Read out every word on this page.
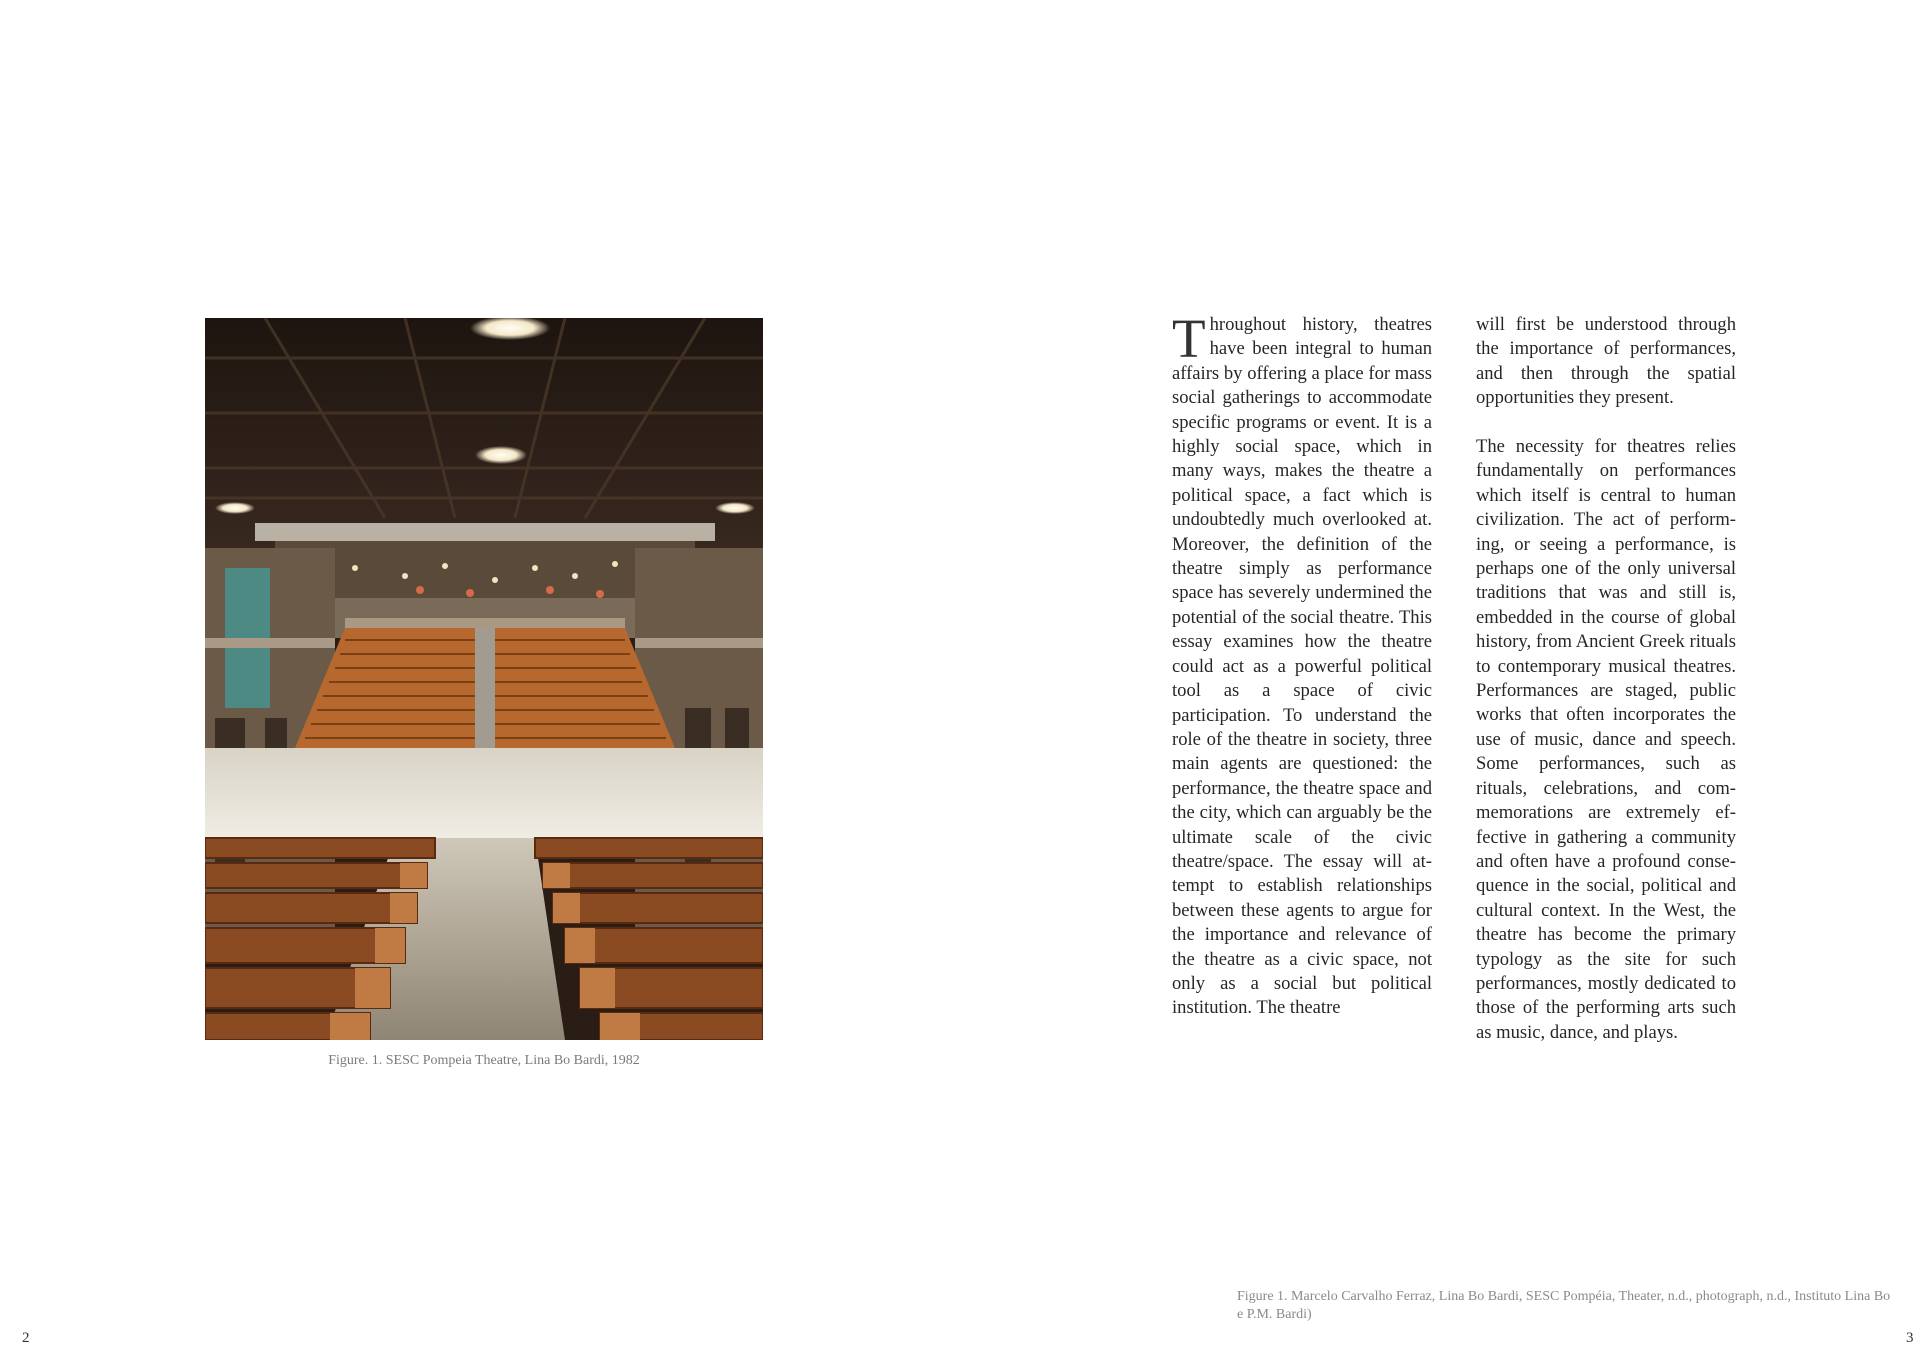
Figure. 1. SESC Pompeia Theatre, Lina Bo Bardi, 1982

Throughout history, theatres have been integral to human affairs by offering a place for mass social gatherings to accommodate specific programs or event. It is a highly social space, which in many ways, makes the theatre a political space, a fact which is undoubtedly much overlooked at. Moreover, the definition of the theatre simply as performance space has severely undermined the potential of the social theatre. This essay examines how the theatre could act as a powerful political tool as a space of civic participation. To understand the role of the theatre in society, three main agents are questioned: the performance, the theatre space and the city, which can arguably be the ultimate scale of the civic theatre/space. The essay will attempt to establish relationships between these agents to argue for the importance and relevance of the theatre as a civic space, not only as a social but political institution. The theatre

will first be understood through the importance of performances, and then through the spatial opportunities they present.

The necessity for theatres relies fundamentally on performances which itself is central to human civilization. The act of performing, or seeing a performance, is perhaps one of the only universal traditions that was and still is, embedded in the course of global history, from Ancient Greek rituals to contemporary musical theatres. Performances are staged, public works that often incorporates the use of music, dance and speech. Some performances, such as rituals, celebrations, and commemorations are extremely effective in gathering a community and often have a profound consequence in the social, political and cultural context. In the West, the theatre has become the primary typology as the site for such performances, mostly dedicated to those of the performing arts such as music, dance, and plays.

Figure 1. Marcelo Carvalho Ferraz, Lina Bo Bardi, SESC Pompéia, Theater, n.d., photograph, n.d., Instituto Lina Bo e P.M. Bardi)
2	3
